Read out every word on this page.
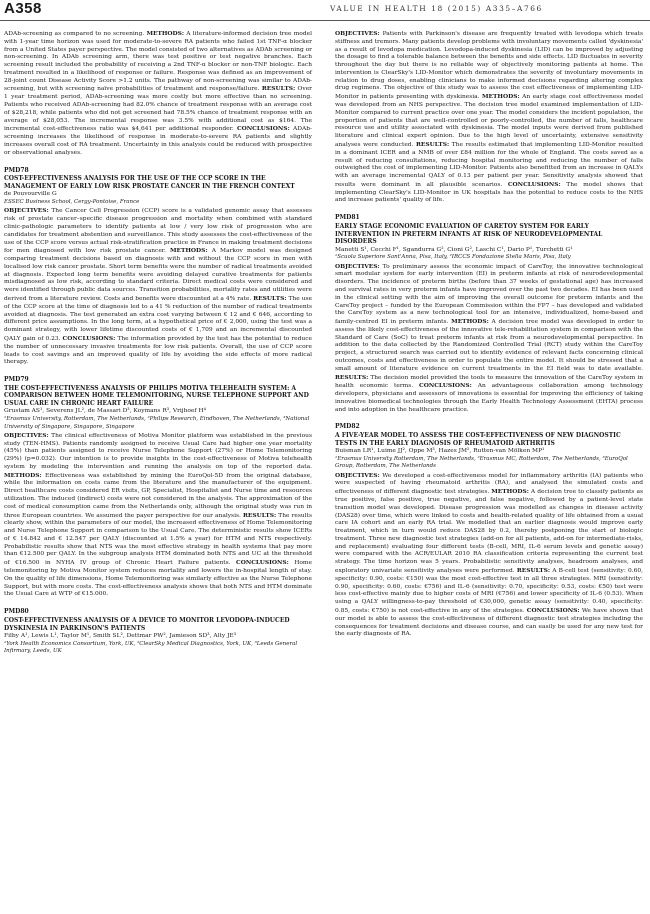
A358	VALUE IN HEALTH 18 (2015) A335–A766

ADAb-screening as compared to no screening. METHODS: A literature-informed decision tree model with 1-year time horizon was used for moderate-to-severe RA patients who failed 1st TNF-α blocker from a United States payer perspective. The model consisted of two alternatives as ADAb screening or non-screening. In ADAb screening arm, there was test positive or test negative branches. Each screening result included the probability of receiving a 2nd TNF-α blocker or non-TNF biologic. Each treatment resulted in a likelihood of response or failure. Response was defined as an improvement of 28-joint count Disease Activity Score >1.2 units. The pathway of non-screening was similar to ADAb-screening, but with screening naïve probabilities of treatment and response/failure. RESULTS: Over 1 year treatment period, ADAb-screening was more costly but more effective than no screening. Patients who received ADAb-screening had 82.0% chance of treatment response with an average cost of $28,218, while patients who did not get screened had 78.5% chance of treatment response with an average of $28,053. The incremental response was 3.5% with additional cost as $164. The incremental cost-effectiveness ratio was $4,641 per additional responder. CONCLUSIONS: ADAb-screening increases the likelihood of response in moderate-to-severe RA patients and slightly increases overall cost of RA treatment. Uncertainty in this analysis could be reduced with prospective or observational analyses.

PMD78
COST-EFFECTIVENESS ANALYSIS FOR THE USE OF THE CCP SCORE IN THE MANAGEMENT OF EARLY LOW RISK PROSTATE CANCER IN THE FRENCH CONTEXT
de Pouvourville G
ESSEC Business School, Cergy-Pontoise, France

OBJECTIVES: The Cancer Cell Progression (CCP) score is a validated genomic assay that assesses risk of prostate cancer–specific disease progression and mortality when combined with standard clinic-pathologic parameters to identify patients at low / very low risk of progression who are candidates for treatment abstention and surveillance. This study assesses the cost-effectiveness of the use of the CCP score versus actual risk-stratification practice in France in making treatment decisions for men diagnosed with low risk prostate cancer. METHODS: A Markov model was designed comparing treatment decisions based on diagnosis with and without the CCP score in men with localised low risk cancer prostate. Short term benefits were the number of radical treatments avoided at diagnosis. Expected long term benefits were avoiding delayed curative treatments for patients misdiagnosed as low risk, according to standard criteria. Direct medical costs were considered and were identified through public data sources. Transition probabilities, mortality rates and utilities were derived from a literature review. Costs and benefits were discounted at a 4% rate. RESULTS: The use of the CCP score at the time of diagnosis led to a 41 % reduction of the number of radical treatments avoided at diagnosis. The test generated an extra cost varying between € 12 and € 646, according to different price assumptions. In the long term, at a hypothetical price of € 2,000, using the test was a dominant strategy, with lower lifetime discounted costs of € 1,709 and an incremental discounted QALY gain of 0.23. CONCLUSIONS: The information provided by the test has the potential to reduce the number of unnecessary invasive treatments for low risk patients. Overall, the use of CCP score leads to cost savings and an improved quality of life by avoiding the side effects of more radical therapy.

PMD79
THE COST-EFFECTIVENESS ANALYSIS OF PHILIPS MOTIVA TELEHEALTH SYSTEM: A COMPARISON BETWEEN HOME TELEMONITORING, NURSE TELEPHONE SUPPORT AND USUAL CARE IN CHRONIC HEART FAILURE
Grustam AS¹, Severens JL², de Massari D³, Koymans R³, Vrijhoef H⁴
¹Erasmus University, Rotterdam, The Netherlands, ²Philips Research, Eindhoven, The Netherlands, ³National University of Singapore, Singapore, Singapore

OBJECTIVES: The clinical effectiveness of Motiva Monitor platform was established in the previous study (TEN-HMS). Patients randomly assigned to receive Usual Care had higher one year mortality (45%) than patients assigned to receive Nurse Telephone Support (27%) or Home Telemonitoring (29%) (p=0.032). Our intention is to provide insights in the cost-effectiveness of Motiva telehealth system by modeling the intervention and running the analysis on top of the reported data. METHODS: Effectiveness was established by mining the EuroQol-5D from the original database, while the information on costs came from the literature and the manufacturer of the equipment. Direct healthcare costs considered ER visits, GP, Specialist, Hospitalist and Nurse time and resources utilization. The induced (indirect) costs were not considered in the analysis. The approximation of the cost of medical consumption came from the Netherlands only, although the original study was run in three European countries. We assumed the payer perspective for our analysis. RESULTS: The results clearly show, within the parameters of our model, the increased effectiveness of Home Telemonitoring and Nurse Telephone Support in comparison to the Usual Care. The deterministic results show ICERs of € 14.842 and € 12.547 per QALY (discounted at 1.5% a year) for HTM and NTS respectively. Probabilistic results show that NTS was the most effective strategy in health systems that pay more than €12.500 per QALY. In the subgroup analysis HTM dominated both NTS and UC at the threshold of €16.500 in NYHA IV group of Chronic Heart Failure patients. CONCLUSIONS: Home telemonitoring by Motiva Monitor system reduces mortality and lowers the in-hospital length of stay. On the quality of life dimensions, Home Telemonitoring was similarly effective as the Nurse Telephone Support, but with more costs. The cost-effectiveness analysis shows that both NTS and HTM dominate the Usual Care at WTP of €15.000.

PMD80
COST-EFFECTIVENESS ANALYSIS OF A DEVICE TO MONITOR LEVODOPA-INDUCED DYSKINESIA IN PARKINSON'S PATIENTS
Filby A¹, Lewis L¹, Taylor M¹, Smith SL², Dettmar PW², Jamieson SD³, Alty JE³
¹York Health Economics Consortium, York, UK, ²ClearSky Medical Diagnostics, York, UK, ³Leeds General Infirmary, Leeds, UK

OBJECTIVES: Patients with Parkinson's disease are frequently treated with levodopa which treats stiffness and tremors. Many patients develop problems with involuntary movements called 'dyskinesia' as a result of levodopa medication. Levodopa-induced dyskinesia (LID) can be improved by adjusting the dosage to find a tolerable balance between the benefits and side effects. LID fluctuates in severity throughout the day but there is no reliable way of objectively monitoring patients at home. The intervention is ClearSky's LID-Monitor which demonstrates the severity of involuntary movements in relation to drug doses, enabling clinicians to make informed decisions regarding altering complex drug regimens. The objective of this study was to assess the cost effectiveness of implementing LID-Monitor in patients presenting with dyskinesia. METHODS: An early stage cost effectiveness model was developed from an NHS perspective. The decision tree model examined implementation of LID-Monitor compared to current practice over one year. The model considers the incident population, the proportion of patients that are well-controlled or poorly-controlled, the number of falls, healthcare resource use and utility associated with dyskinesia. The model inputs were derived from published literature and clinical expert opinion. Due to the high level of uncertainty, extensive sensitivity analyses were conducted. RESULTS: The results estimated that implementing LID-Monitor resulted in a dominant ICER and a NMB of over £84 million for the whole of England. The costs saved as a result of reducing consultations, reducing hospital monitoring and reducing the number of falls outweighed the cost of implementing LID-Monitor. Patients also benefitted from an increase in QALYs with an average incremental QALY of 0.13 per patient per year. Sensitivity analysis showed that results were dominant in all plausible scenarios. CONCLUSIONS: The model shows that implementing ClearSky's LID-Monitor in UK hospitals has the potential to reduce costs to the NHS and increase patients' quality of life.

PMD81
EARLY STAGE ECONOMIC EVALUATION OF CARETOY SYSTEM FOR EARLY INTERVENTION IN PRETERM INFANTS AT RISK OF NEURODEVELOPMENTAL DISORDERS
Manetti S¹, Cecchi F¹, Sgandurra G², Cioni G², Laschi C¹, Dario P¹, Turchetti G¹
¹Scuola Superiore Sant'Anna, Pisa, Italy, ²IRCCS Fondazione Stella Maris, Pisa, Italy

OBJECTIVES: To preliminary assess the economic impact of CareToy, the innovative technological smart modular system for early intervention (EI) in preterm infants at risk of neurodevelopmental disorders. The incidence of preterm births (before than 37 weeks of gestational age) has increased and survival rates in very preterm infants have improved over the past two decades. EI has been used in the clinical setting with the aim of improving the overall outcome for preterm infants and the CareToy project – funded by the European Commission within the FP7 – has developed and validated the CareToy system as a new technological tool for an intensive, individualized, home-based and family-centred EI in preterm infants. METHODS: A decision tree model was developed in order to assess the likely cost-effectiveness of the innovative tele-rehabilitation system in comparison with the Standard of Care (SoC) to treat preterm infants at risk from a neurodevelopmental perspective. In addition to the data collected by the Randomized Controlled Trial (RCT) study within the CareToy project, a structured search was carried out to identify evidence of relevant facts concerning clinical outcomes, costs and effectiveness in order to populate the entire model. It should be stressed that a small amount of literature evidence on current treatments in the EI field was to date available. RESULTS: The decision model provided the tools to measure the innovation of the CareToy system in health economic terms. CONCLUSIONS: An advantageous collaboration among technology developers, physicians and assessors of innovations is essential for improving the efficiency of taking innovative biomedical technologies through the Early Health Technology Assessment (EHTA) process and into adoption in the healthcare practice.

PMD82
A FIVE-YEAR MODEL TO ASSESS THE COST-EFFECTIVENESS OF NEW DIAGNOSTIC TESTS IN THE EARLY DIAGNOSIS OF RHEUMATOID ARTHRITIS
Buisman LR¹, Luime JJ², Oppe M³, Hazes JM², Rutten-van Mölken MP¹
¹Erasmus University Rotterdam, The Netherlands, ²Erasmus MC, Rotterdam, The Netherlands, ³EuroQol Group, Rotterdam, The Netherlands

OBJECTIVES: We developed a cost-effectiveness model for inflammatory arthritis (IA) patients who were suspected of having rheumatoid arthritis (RA), and analysed the simulated costs and effectiveness of different diagnostic test strategies. METHODS: A decision tree to classify patients as true positive, false positive, true negative, and false negative, followed by a patient-level state transition model was developed. Disease progression was modelled as changes in disease activity (DAS28) over time, which were linked to costs and health-related quality of life obtained from a usual care IA cohort and an early RA trial. We modelled that an earlier diagnosis would improve early treatment, which in turn would reduce DAS28 by 0.2, thereby postponing the start of biologic treatment. Three new diagnostic test strategies (add-on for all patients, add-on for intermediate-risks, and replacement) evaluating four different tests (B-cell, MRI, IL-6 serum levels and genetic assay) were compared with the ACR/EULAR 2010 RA classification criteria representing the current test strategy. The time horizon was 5 years. Probabilistic sensitivity analyses, headroom analyses, and exploratory univariate sensitivity analyses were performed. RESULTS: A B-cell test (sensitivity: 0.60, specificity: 0.90, costs: €150) was the most cost-effective test in all three strategies. MRI (sensitivity: 0.90, specificity: 0.60, costs: €756) and IL-6 (sensitivity: 0.70, specificity: 0.53, costs: €50) test were less cost-effective mainly due to higher costs of MRI (€756) and lower specificity of IL-6 (0.53). When using a QALY willingness-to-pay threshold of €30,000, genetic assay (sensitivity: 0.40, specificity: 0.85, costs: €750) is not cost-effective in any of the strategies. CONCLUSIONS: We have shown that our model is able to assess the cost-effectiveness of different diagnostic test strategies including the consequences for treatment decisions and disease course, and can easily be used for any new test for the early diagnosis of RA.
